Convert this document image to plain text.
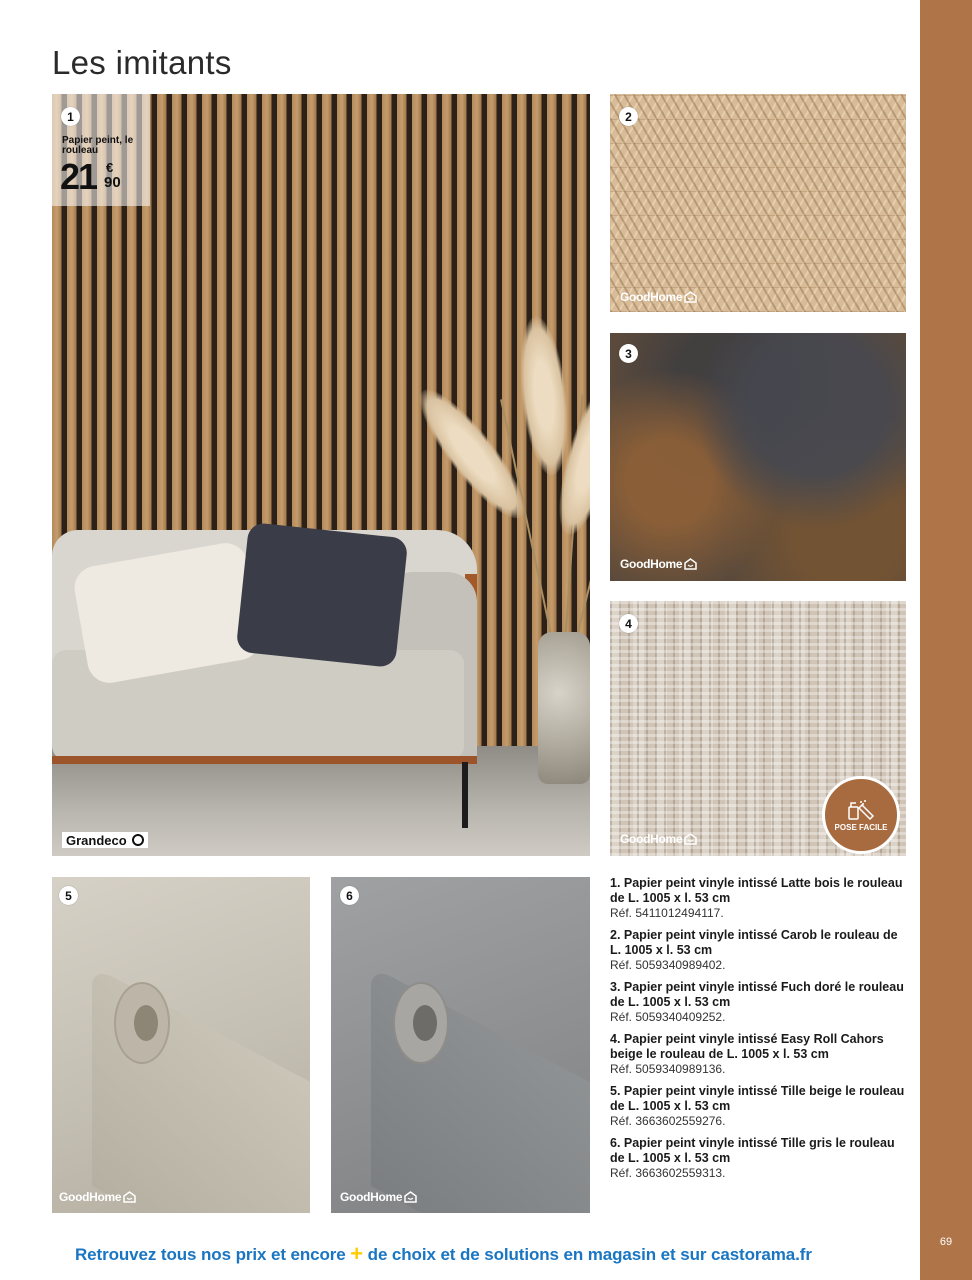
69
Les imitants
1
Papier peint, le rouleau
21 €
90
Grandeco
2
GoodHome
3
GoodHome
4
GoodHome
POSE FACILE
5
GoodHome
6
GoodHome
1. Papier peint vinyle intissé Latte bois le rouleau de L. 1005 x l. 53 cm
Réf. 5411012494117.
2. Papier peint vinyle intissé Carob le rouleau de L. 1005 x l. 53 cm
Réf. 5059340989402.
3. Papier peint vinyle intissé Fuch doré le rouleau de L. 1005 x l. 53 cm
Réf. 5059340409252.
4. Papier peint vinyle intissé Easy Roll Cahors beige le rouleau de L. 1005 x l. 53 cm
Réf. 5059340989136.
5. Papier peint vinyle intissé Tille beige le rouleau de L. 1005 x l. 53 cm
Réf. 3663602559276.
6. Papier peint vinyle intissé Tille gris le rouleau de L. 1005 x l. 53 cm
Réf. 3663602559313.
Retrouvez tous nos prix et encore + de choix et de solutions en magasin et sur castorama.fr
